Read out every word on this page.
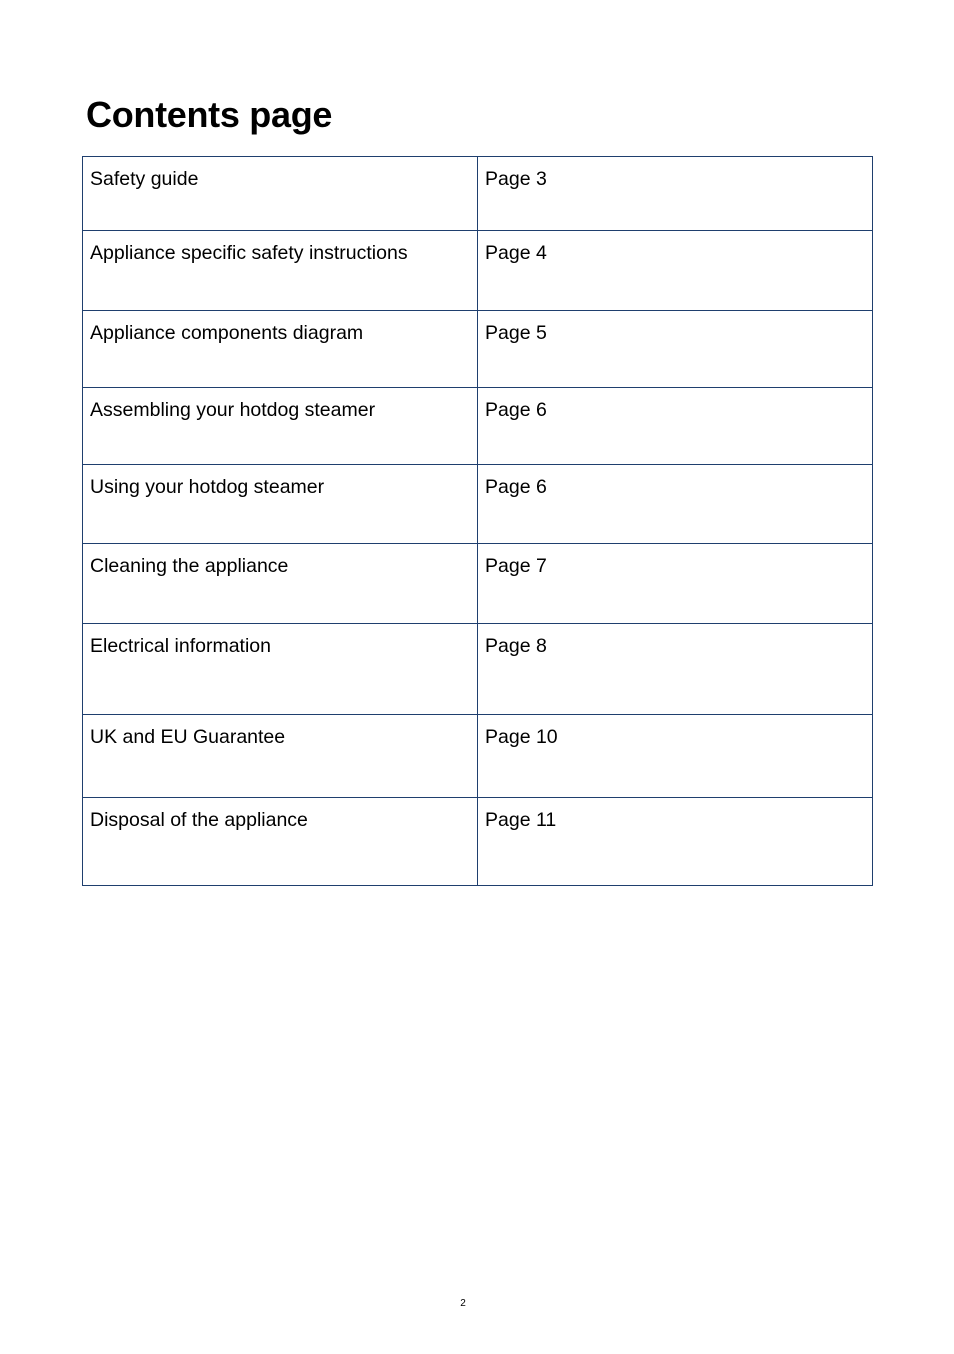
Contents page
Safety guide	Page 3
Appliance specific safety instructions	Page 4
Appliance components diagram	Page 5
Assembling your hotdog steamer	Page 6
Using your hotdog steamer	Page 6
Cleaning the appliance	Page 7
Electrical information	Page 8
UK and EU Guarantee	Page 10
Disposal of the appliance	Page 11
2
